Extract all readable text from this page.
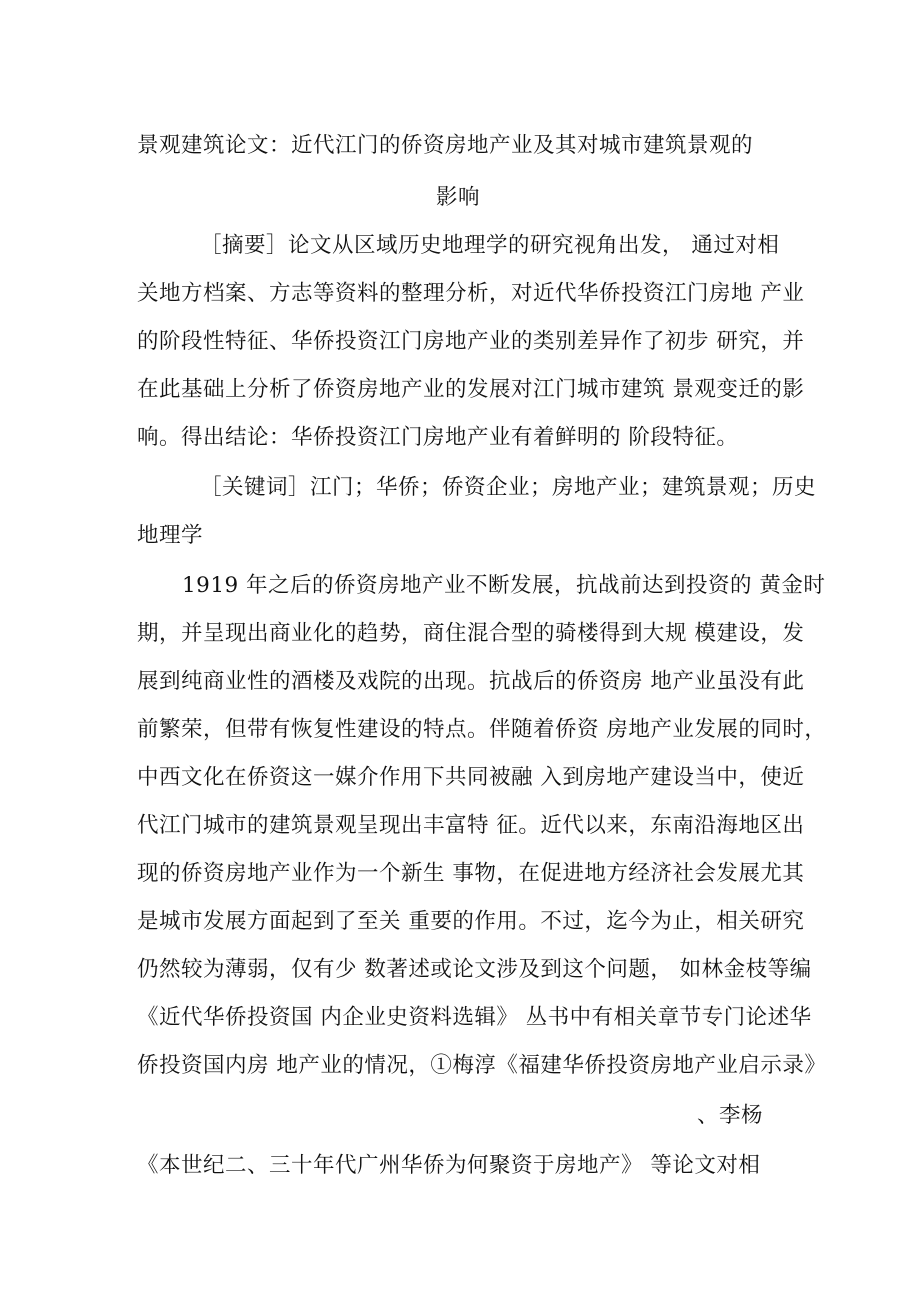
景观建筑论文：近代江门的侨资房地产业及其对城市建筑景观的
影响
［摘要］论文从区域历史地理学的研究视角出发， 通过对相
关地方档案、方志等资料的整理分析，对近代华侨投资江门房地 产业
的阶段性特征、华侨投资江门房地产业的类别差异作了初步 研究，并
在此基础上分析了侨资房地产业的发展对江门城市建筑 景观变迁的影
响。得出结论：华侨投资江门房地产业有着鲜明的 阶段特征。
［关键词］江门；华侨；侨资企业；房地产业；建筑景观；历史
地理学
1919 年之后的侨资房地产业不断发展，抗战前达到投资的 黄金时
期，并呈现出商业化的趋势，商住混合型的骑楼得到大规 模建设，发
展到纯商业性的酒楼及戏院的出现。抗战后的侨资房 地产业虽没有此
前繁荣，但带有恢复性建设的特点。伴随着侨资 房地产业发展的同时，
中西文化在侨资这一媒介作用下共同被融 入到房地产建设当中，使近
代江门城市的建筑景观呈现出丰富特 征。近代以来，东南沿海地区出
现的侨资房地产业作为一个新生 事物，在促进地方经济社会发展尤其
是城市发展方面起到了至关 重要的作用。不过，迄今为止，相关研究
仍然较为薄弱，仅有少 数著述或论文涉及到这个问题， 如林金枝等编
《近代华侨投资国 内企业史资料选辑》 丛书中有相关章节专门论述华
侨投资国内房 地产业的情况，①梅淳《福建华侨投资房地产业启示录》
、李杨
《本世纪二、三十年代广州华侨为何聚资于房地产》 等论文对相
